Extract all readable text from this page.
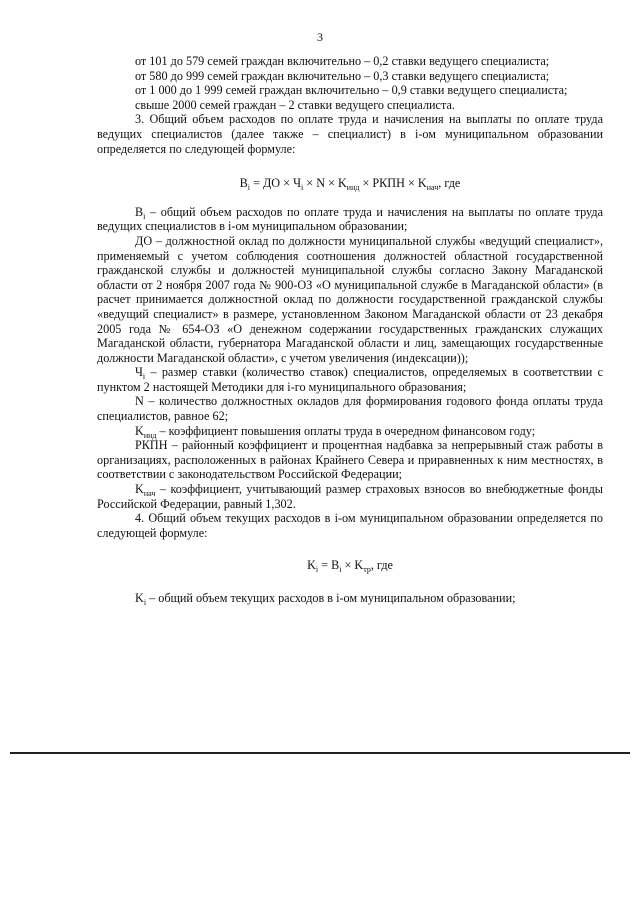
3

от 101 до 579 семей граждан включительно – 0,2 ставки ведущего специалиста;

от 580 до 999 семей граждан включительно – 0,3 ставки ведущего специалиста;

от 1 000 до 1 999 семей граждан включительно – 0,9 ставки ведущего специалиста;

свыше 2000 семей граждан – 2 ставки ведущего специалиста.

3. Общий объем расходов по оплате труда и начисления на выплаты по оплате труда ведущих специалистов (далее также – специалист) в i-ом муниципальном образовании определяется по следующей формуле:

$B_i$ = ДО × $Ч_i \times N \times K_{инд}$ × РКПН × $K_{нач}$, где

$B_i$ – общий объем расходов по оплате труда и начисления на выплаты по оплате труда ведущих специалистов в i-ом муниципальном образовании;

ДО – должностной оклад по должности муниципальной службы «ведущий специалист», применяемый с учетом соблюдения соотношения должностей областной государственной гражданской службы и должностей муниципальной службы согласно Закону Магаданской области от 2 ноября 2007 года № 900-ОЗ «О муниципальной службе в Магаданской области» (в расчет принимается должностной оклад по должности государственной гражданской службы «ведущий специалист» в размере, установленном Законом Магаданской области от 23 декабря 2005 года № 654-ОЗ «О денежном содержании государственных гражданских служащих Магаданской области, губернатора Магаданской области и лиц, замещающих государственные должности Магаданской области», с учетом увеличения (индексации));

$Ч_i$ – размер ставки (количество ставок) специалистов, определяемых в соответствии с пунктом 2 настоящей Методики для i-го муниципального образования;

N – количество должностных окладов для формирования годового фонда оплаты труда специалистов, равное 62;

$K_{инд}$ – коэффициент повышения оплаты труда в очередном финансовом году;

РКПН – районный коэффициент и процентная надбавка за непрерывный стаж работы в организациях, расположенных в районах Крайнего Севера и приравненных к ним местностях, в соответствии с законодательством Российской Федерации;

$K_{нач}$ – коэффициент, учитывающий размер страховых взносов во внебюджетные фонды Российской Федерации, равный 1,302.

4. Общий объем текущих расходов в i-ом муниципальном образовании определяется по следующей формуле:

$K_i = B_i \times K_{тр}$, где

$K_i$ – общий объем текущих расходов в i-ом муниципальном образовании;
